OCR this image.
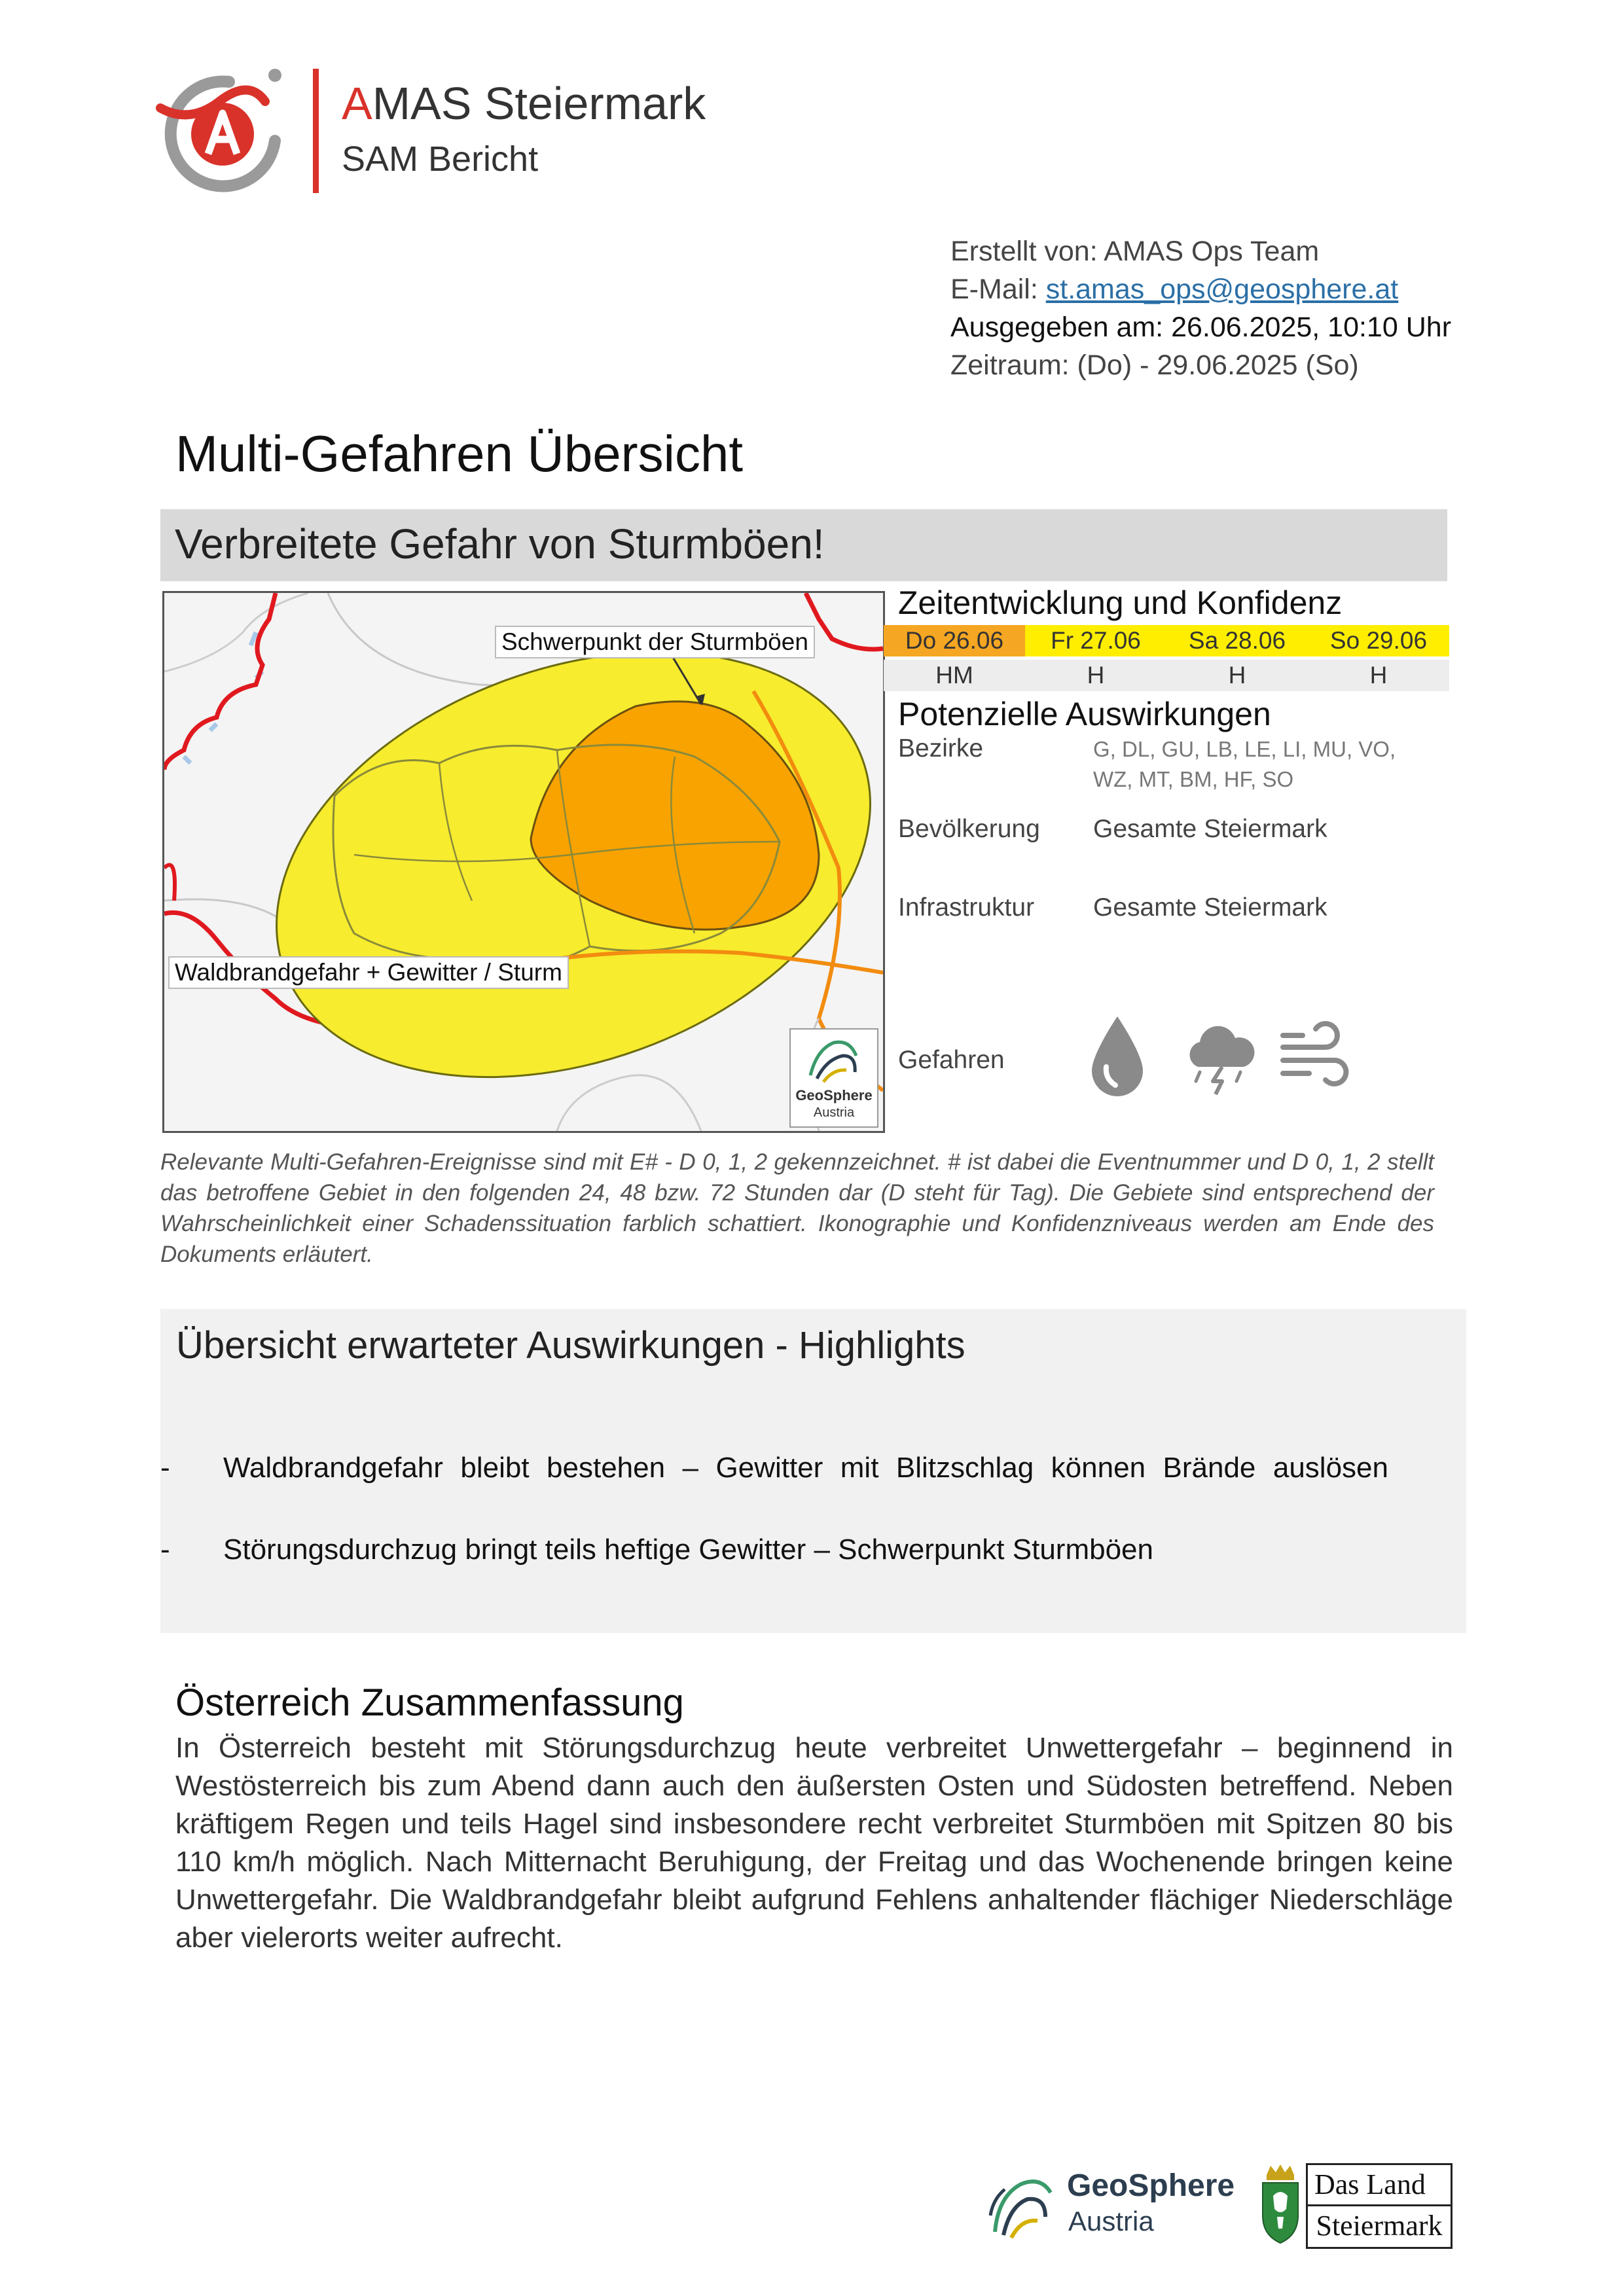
AMAS Steiermark
SAM Bericht
Erstellt von: AMAS Ops Team
E-Mail: st.amas_ops@geosphere.at
Ausgegeben am: 26.06.2025, 10:10 Uhr
Zeitraum: (Do) - 29.06.2025 (So)
Multi-Gefahren Übersicht
Verbreitete Gefahr von Sturmböen!
Schwerpunkt der Sturmböen
Waldbrandgefahr + Gewitter / Sturm
GeoSphere
Austria
Zeitentwicklung und Konfidenz
Do 26.06	Fr 27.06	Sa 28.06	So 29.06
HM	H	H	H
Potenzielle Auswirkungen
Bezirke	G, DL, GU, LB, LE, LI, MU, VO, WZ, MT, BM, HF, SO
Bevölkerung Gesamte Steiermark
Infrastruktur Gesamte Steiermark
Gefahren
Relevante Multi-Gefahren-Ereignisse sind mit E# - D 0, 1, 2 gekennzeichnet. # ist dabei die Eventnummer und D 0, 1, 2 stellt das betroffene Gebiet in den folgenden 24, 48 bzw. 72 Stunden dar (D steht für Tag). Die Gebiete sind entsprechend der Wahrscheinlichkeit einer Schadenssituation farblich schattiert. Ikonographie und Konfidenzniveaus werden am Ende des Dokuments erläutert.
Übersicht erwarteter Auswirkungen - Highlights
- Waldbrandgefahr bleibt bestehen – Gewitter mit Blitzschlag können Brände auslösen
- Störungsdurchzug bringt teils heftige Gewitter – Schwerpunkt Sturmböen
Österreich Zusammenfassung
In Österreich besteht mit Störungsdurchzug heute verbreitet Unwettergefahr – beginnend in Westösterreich bis zum Abend dann auch den äußersten Osten und Südosten betreffend. Neben kräftigem Regen und teils Hagel sind insbesondere recht verbreitet Sturmböen mit Spitzen 80 bis 110 km/h möglich. Nach Mitternacht Beruhigung, der Freitag und das Wochenende bringen keine Unwettergefahr. Die Waldbrandgefahr bleibt aufgrund Fehlens anhaltender flächiger Niederschläge aber vielerorts weiter aufrecht.
GeoSphere
Austria
Das Land
Steiermark
